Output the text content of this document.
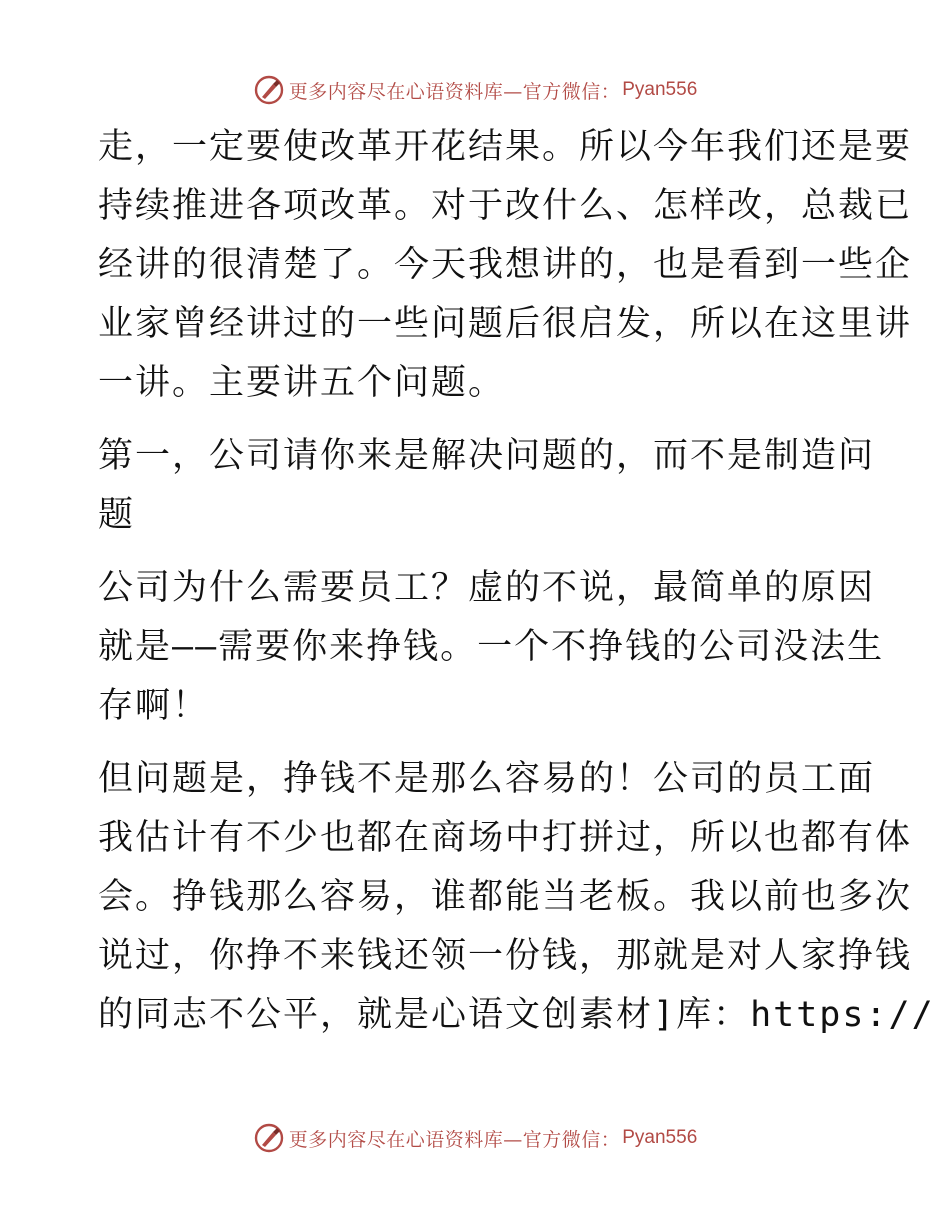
更多内容尽在心语资料库—官方微信： Pyan556

走，一定要使改革开花结果。所以今年我们还是要
持续推进各项改革。对于改什么、怎样改，总裁已
经讲的很清楚了。今天我想讲的，也是看到一些企
业家曾经讲过的一些问题后很启发，所以在这里讲
一讲。主要讲五个问题。

第一，公司请你来是解决问题的，而不是制造问
题

公司为什么需要员工？虚的不说，最简单的原因
就是——需要你来挣钱。一个不挣钱的公司没法生
存啊！

但问题是，挣钱不是那么容易的！公司的员工面
我估计有不少也都在商场中打拼过，所以也都有体
会。挣钱那么容易，谁都能当老板。我以前也多次
说过，你挣不来钱还领一份钱，那就是对人家挣钱
的同志不公平，就是心语文创素材]库：https://

更多内容尽在心语资料库—官方微信： Pyan556
